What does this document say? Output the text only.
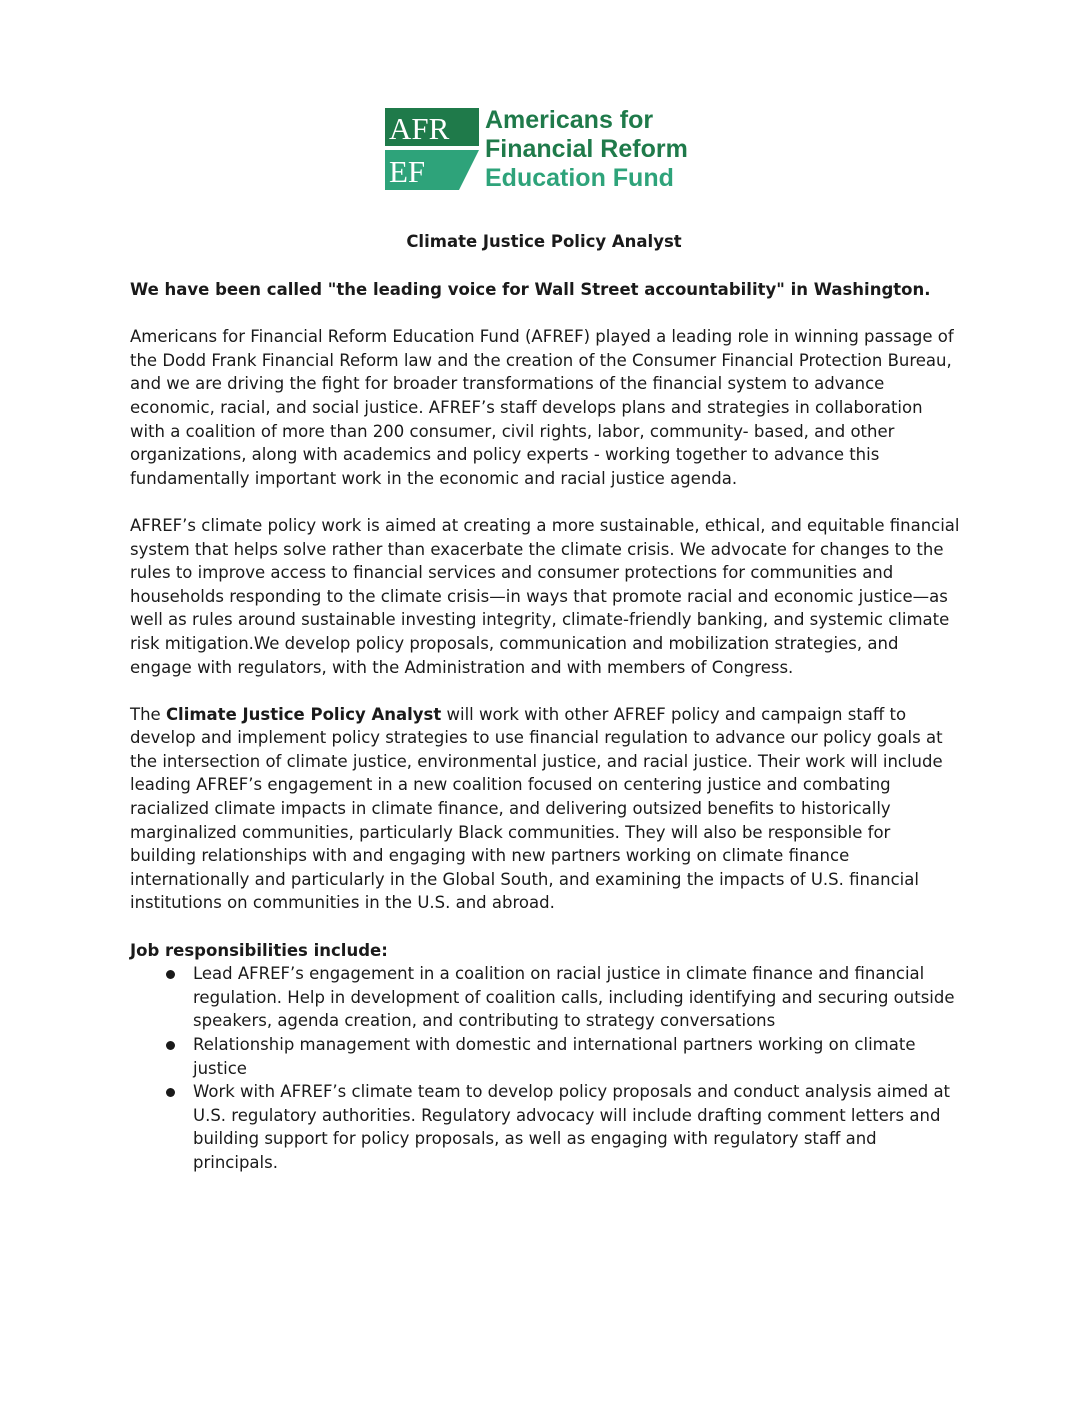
AFR
EF
Americans for
Financial Reform
Education Fund
Climate Justice Policy Analyst

We have been called "the leading voice for Wall Street accountability" in Washington.

Americans for Financial Reform Education Fund (AFREF) played a leading role in winning passage of the Dodd Frank Financial Reform law and the creation of the Consumer Financial Protection Bureau, and we are driving the fight for broader transformations of the financial system to advance economic, racial, and social justice. AFREF’s staff develops plans and strategies in collaboration with a coalition of more than 200 consumer, civil rights, labor, community- based, and other organizations, along with academics and policy experts - working together to advance this fundamentally important work in the economic and racial justice agenda.

AFREF’s climate policy work is aimed at creating a more sustainable, ethical, and equitable financial system that helps solve rather than exacerbate the climate crisis. We advocate for changes to the rules to improve access to financial services and consumer protections for communities and households responding to the climate crisis—in ways that promote racial and economic justice—as well as rules around sustainable investing integrity, climate-friendly banking, and systemic climate risk mitigation.We develop policy proposals, communication and mobilization strategies, and engage with regulators, with the Administration and with members of Congress.

The Climate Justice Policy Analyst will work with other AFREF policy and campaign staff to develop and implement policy strategies to use financial regulation to advance our policy goals at the intersection of climate justice, environmental justice, and racial justice. Their work will include leading AFREF’s engagement in a new coalition focused on centering justice and combating racialized climate impacts in climate finance, and delivering outsized benefits to historically marginalized communities, particularly Black communities. They will also be responsible for building relationships with and engaging with new partners working on climate finance internationally and particularly in the Global South, and examining the impacts of U.S. financial institutions on communities in the U.S. and abroad.

Job responsibilities include:

Lead AFREF’s engagement in a coalition on racial justice in climate finance and financial regulation. Help in development of coalition calls, including identifying and securing outside speakers, agenda creation, and contributing to strategy conversations
Relationship management with domestic and international partners working on climate justice
Work with AFREF’s climate team to develop policy proposals and conduct analysis aimed at U.S. regulatory authorities. Regulatory advocacy will include drafting comment letters and building support for policy proposals, as well as engaging with regulatory staff and principals.
